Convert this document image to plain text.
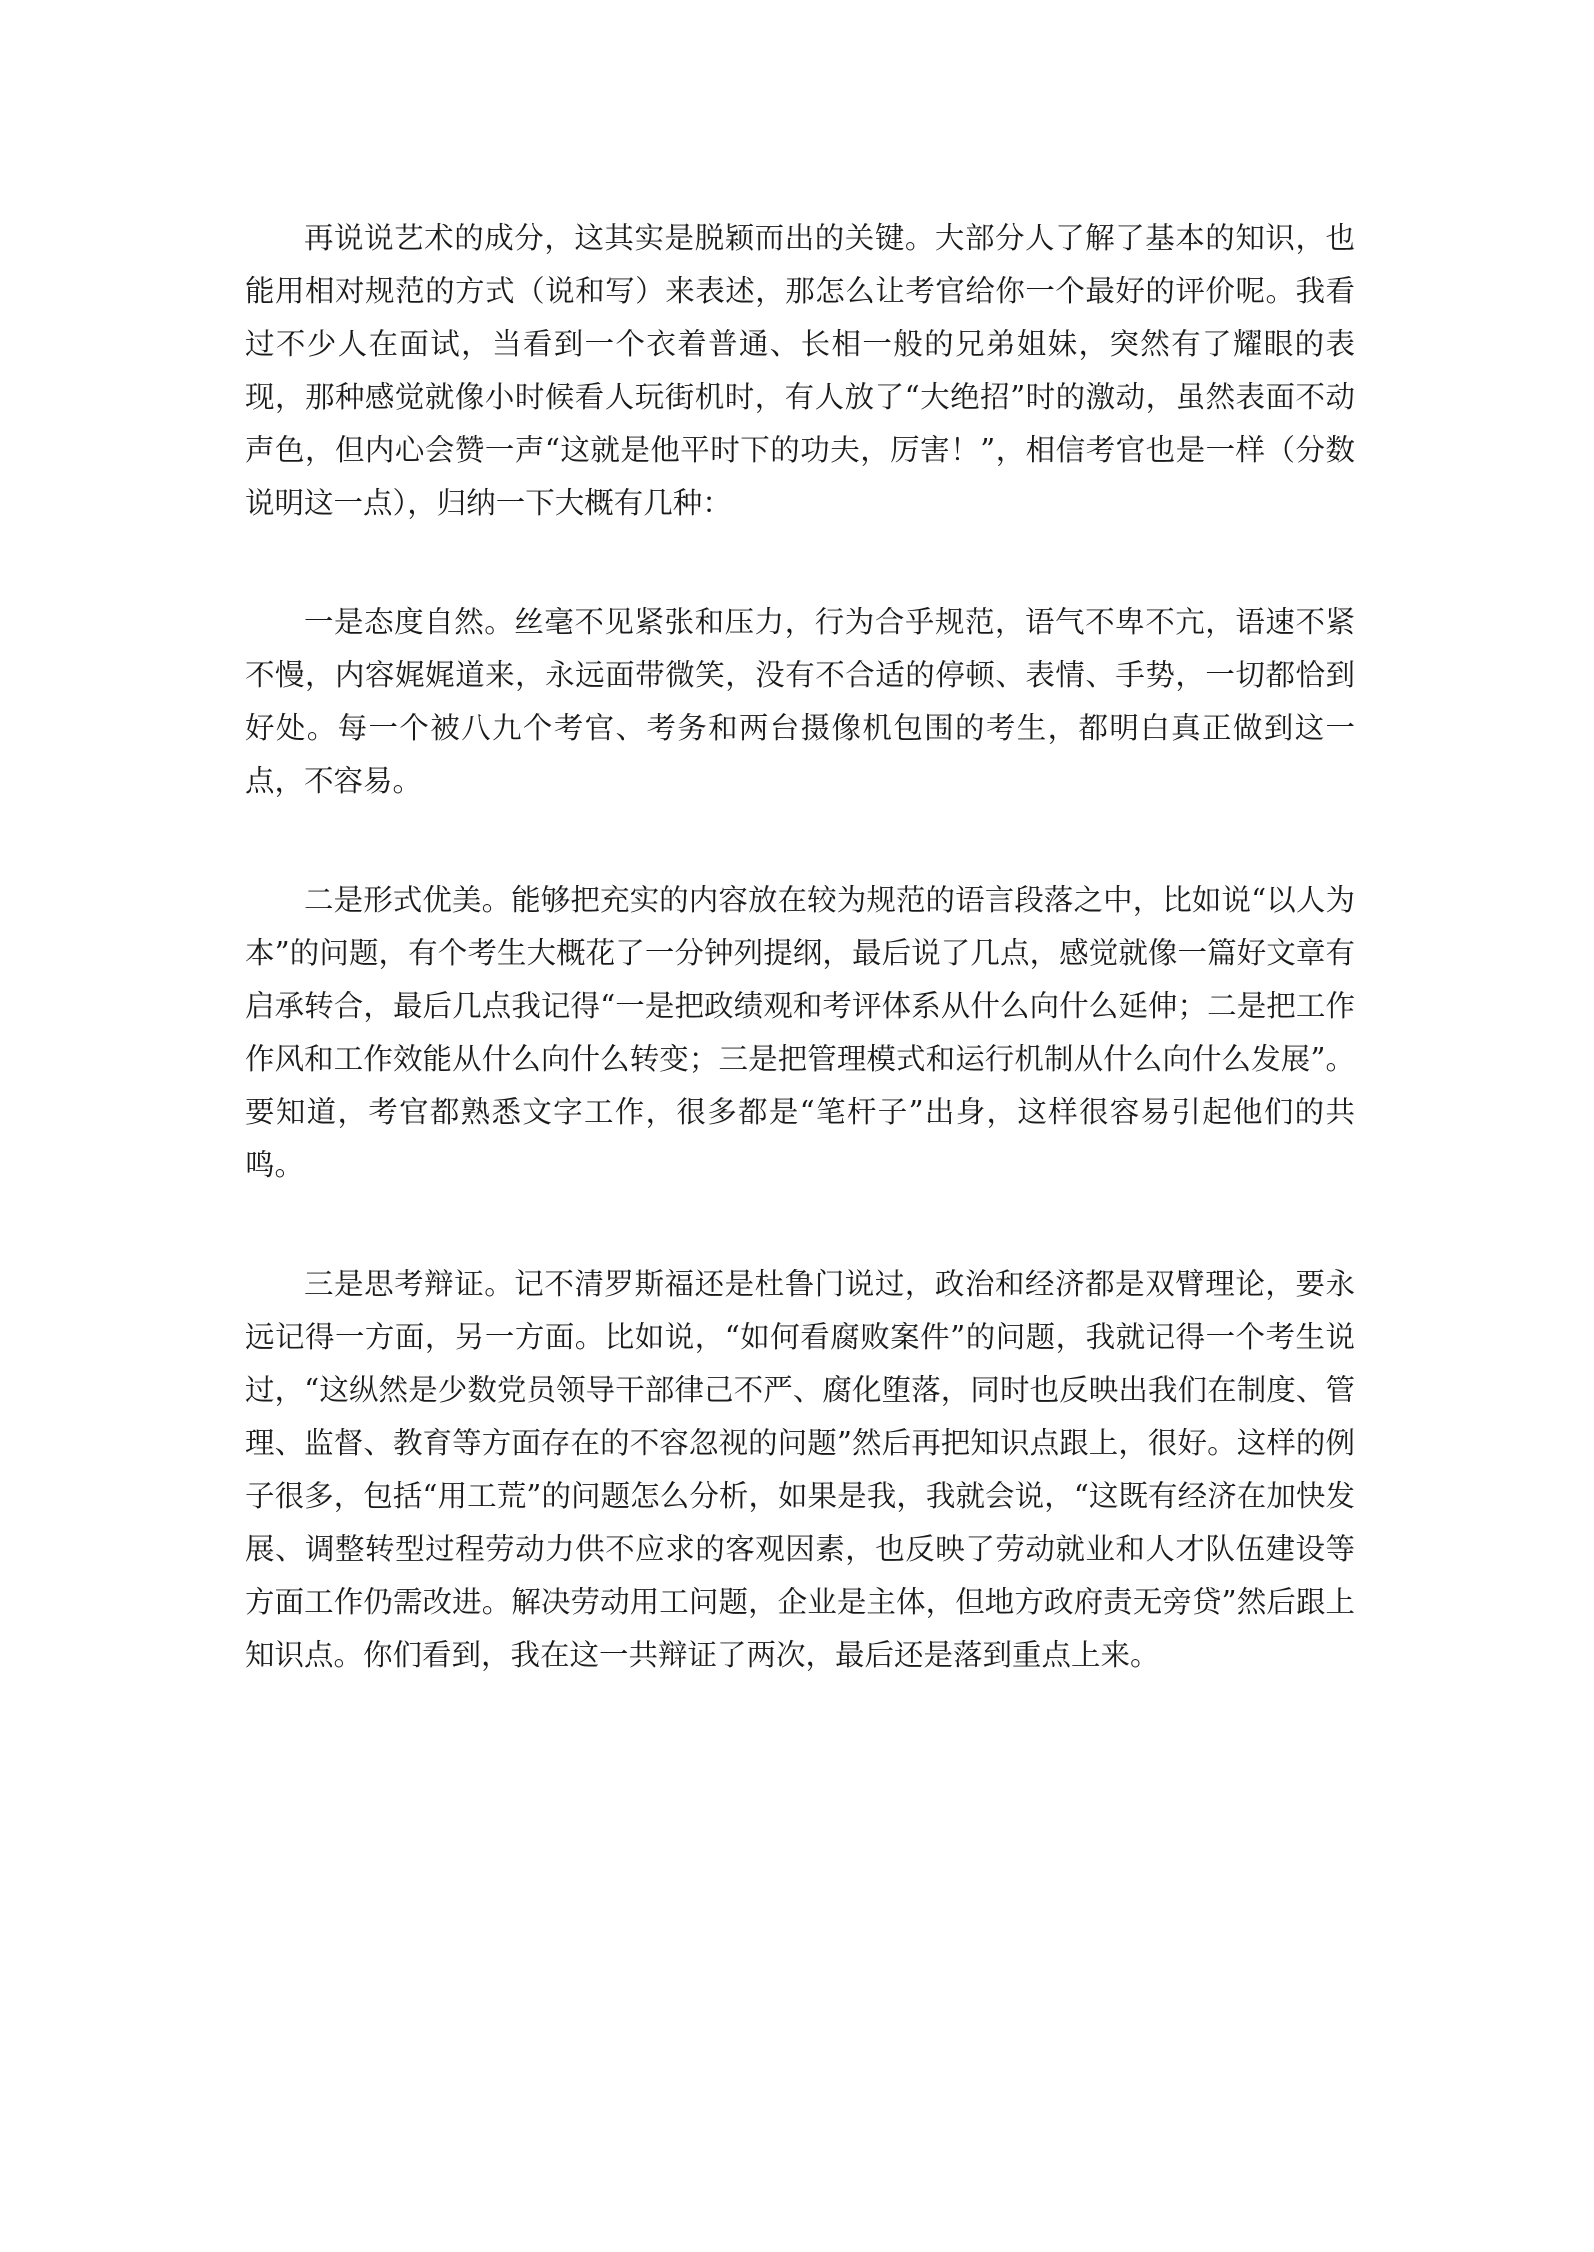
再说说艺术的成分，这其实是脱颖而出的关键。大部分人了解了基本的知识，也能用相对规范的方式（说和写）来表述，那怎么让考官给你一个最好的评价呢。我看过不少人在面试，当看到一个衣着普通、长相一般的兄弟姐妹，突然有了耀眼的表现，那种感觉就像小时候看人玩街机时，有人放了“大绝招”时的激动，虽然表面不动声色，但内心会赞一声“这就是他平时下的功夫，厉害！”，相信考官也是一样（分数说明这一点），归纳一下大概有几种：

一是态度自然。丝毫不见紧张和压力，行为合乎规范，语气不卑不亢，语速不紧不慢，内容娓娓道来，永远面带微笑，没有不合适的停顿、表情、手势，一切都恰到好处。每一个被八九个考官、考务和两台摄像机包围的考生，都明白真正做到这一点，不容易。

二是形式优美。能够把充实的内容放在较为规范的语言段落之中，比如说“以人为本”的问题，有个考生大概花了一分钟列提纲，最后说了几点，感觉就像一篇好文章有启承转合，最后几点我记得“一是把政绩观和考评体系从什么向什么延伸；二是把工作作风和工作效能从什么向什么转变；三是把管理模式和运行机制从什么向什么发展”。要知道，考官都熟悉文字工作，很多都是“笔杆子”出身，这样很容易引起他们的共鸣。

三是思考辩证。记不清罗斯福还是杜鲁门说过，政治和经济都是双臂理论，要永远记得一方面，另一方面。比如说，“如何看腐败案件”的问题，我就记得一个考生说过，“这纵然是少数党员领导干部律己不严、腐化堕落，同时也反映出我们在制度、管理、监督、教育等方面存在的不容忽视的问题”然后再把知识点跟上，很好。这样的例子很多，包括“用工荒”的问题怎么分析，如果是我，我就会说，“这既有经济在加快发展、调整转型过程劳动力供不应求的客观因素，也反映了劳动就业和人才队伍建设等方面工作仍需改进。解决劳动用工问题，企业是主体，但地方政府责无旁贷”然后跟上知识点。你们看到，我在这一共辩证了两次，最后还是落到重点上来。
